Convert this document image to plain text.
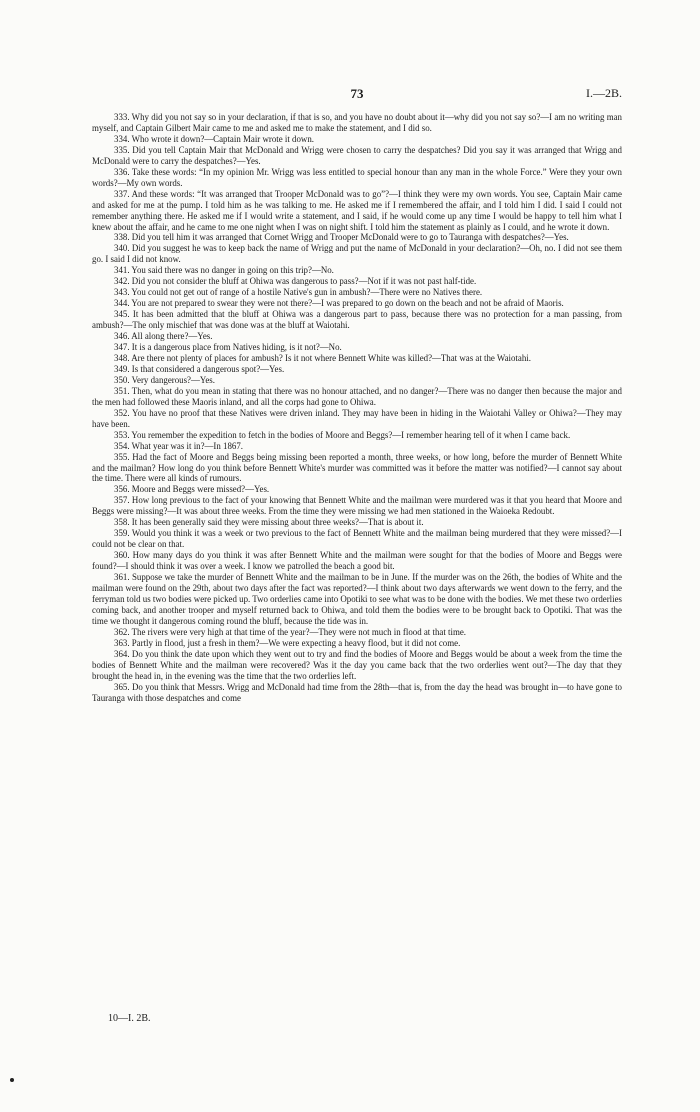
73	I.—2B.

333. Why did you not say so in your declaration, if that is so, and you have no doubt about it—why did you not say so?—I am no writing man myself, and Captain Gilbert Mair came to me and asked me to make the statement, and I did so.

334. Who wrote it down?—Captain Mair wrote it down.

335. Did you tell Captain Mair that McDonald and Wrigg were chosen to carry the despatches? Did you say it was arranged that Wrigg and McDonald were to carry the despatches?—Yes.

336. Take these words: “In my opinion Mr. Wrigg was less entitled to special honour than any man in the whole Force.” Were they your own words?—My own words.

337. And these words: “It was arranged that Trooper McDonald was to go”?—I think they were my own words. You see, Captain Mair came and asked for me at the pump. I told him as he was talking to me. He asked me if I remembered the affair, and I told him I did. I said I could not remember anything there. He asked me if I would write a statement, and I said, if he would come up any time I would be happy to tell him what I knew about the affair, and he came to me one night when I was on night shift. I told him the statement as plainly as I could, and he wrote it down.

338. Did you tell him it was arranged that Cornet Wrigg and Trooper McDonald were to go to Tauranga with despatches?—Yes.

340. Did you suggest he was to keep back the name of Wrigg and put the name of McDonald in your declaration?—Oh, no. I did not see them go. I said I did not know.

341. You said there was no danger in going on this trip?—No.

342. Did you not consider the bluff at Ohiwa was dangerous to pass?—Not if it was not past half-tide.

343. You could not get out of range of a hostile Native's gun in ambush?—There were no Natives there.

344. You are not prepared to swear they were not there?—I was prepared to go down on the beach and not be afraid of Maoris.

345. It has been admitted that the bluff at Ohiwa was a dangerous part to pass, because there was no protection for a man passing, from ambush?—The only mischief that was done was at the bluff at Waiotahi.

346. All along there?—Yes.

347. It is a dangerous place from Natives hiding, is it not?—No.

348. Are there not plenty of places for ambush? Is it not where Bennett White was killed?—That was at the Waiotahi.

349. Is that considered a dangerous spot?—Yes.

350. Very dangerous?—Yes.

351. Then, what do you mean in stating that there was no honour attached, and no danger?—There was no danger then because the major and the men had followed these Maoris inland, and all the corps had gone to Ohiwa.

352. You have no proof that these Natives were driven inland. They may have been in hiding in the Waiotahi Valley or Ohiwa?—They may have been.

353. You remember the expedition to fetch in the bodies of Moore and Beggs?—I remember hearing tell of it when I came back.

354. What year was it in?—In 1867.

355. Had the fact of Moore and Beggs being missing been reported a month, three weeks, or how long, before the murder of Bennett White and the mailman? How long do you think before Bennett White's murder was committed was it before the matter was notified?—I cannot say about the time. There were all kinds of rumours.

356. Moore and Beggs were missed?—Yes.

357. How long previous to the fact of your knowing that Bennett White and the mailman were murdered was it that you heard that Moore and Beggs were missing?—It was about three weeks. From the time they were missing we had men stationed in the Waioeka Redoubt.

358. It has been generally said they were missing about three weeks?—That is about it.

359. Would you think it was a week or two previous to the fact of Bennett White and the mailman being murdered that they were missed?—I could not be clear on that.

360. How many days do you think it was after Bennett White and the mailman were sought for that the bodies of Moore and Beggs were found?—I should think it was over a week. I know we patrolled the beach a good bit.

361. Suppose we take the murder of Bennett White and the mailman to be in June. If the murder was on the 26th, the bodies of White and the mailman were found on the 29th, about two days after the fact was reported?—I think about two days afterwards we went down to the ferry, and the ferryman told us two bodies were picked up. Two orderlies came into Opotiki to see what was to be done with the bodies. We met these two orderlies coming back, and another trooper and myself returned back to Ohiwa, and told them the bodies were to be brought back to Opotiki. That was the time we thought it dangerous coming round the bluff, because the tide was in.

362. The rivers were very high at that time of the year?—They were not much in flood at that time.

363. Partly in flood, just a fresh in them?—We were expecting a heavy flood, but it did not come.

364. Do you think the date upon which they went out to try and find the bodies of Moore and Beggs would be about a week from the time the bodies of Bennett White and the mailman were recovered? Was it the day you came back that the two orderlies went out?—The day that they brought the head in, in the evening was the time that the two orderlies left.

365. Do you think that Messrs. Wrigg and McDonald had time from the 28th—that is, from the day the head was brought in—to have gone to Tauranga with those despatches and come

10—I. 2B.
